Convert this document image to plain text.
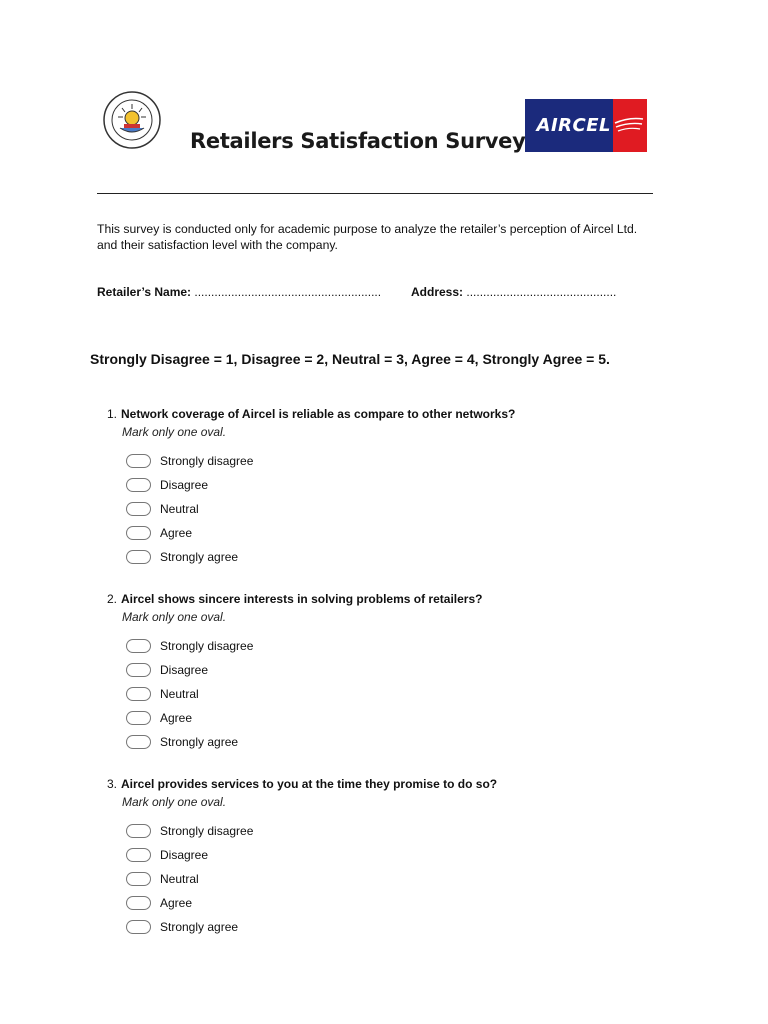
Retailers Satisfaction Survey
AIRCEL
This survey is conducted only for academic purpose to analyze the retailer’s perception of Aircel Ltd. and their satisfaction level with the company.
Retailer’s Name: ........................................................ Address: .............................................
Strongly Disagree = 1, Disagree = 2, Neutral = 3, Agree = 4, Strongly Agree = 5.
1. Network coverage of Aircel is reliable as compare to other networks?
Mark only one oval.
Strongly disagree
Disagree
Neutral
Agree
Strongly agree
2. Aircel shows sincere interests in solving problems of retailers?
Mark only one oval.
Strongly disagree
Disagree
Neutral
Agree
Strongly agree
3. Aircel provides services to you at the time they promise to do so?
Mark only one oval.
Strongly disagree
Disagree
Neutral
Agree
Strongly agree
